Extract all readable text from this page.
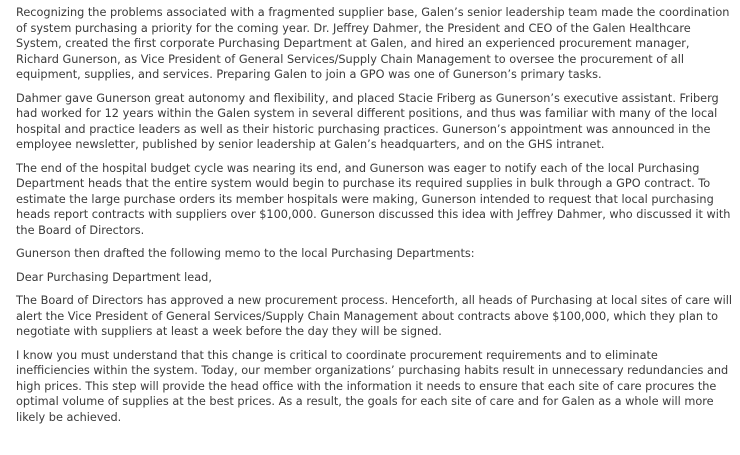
Recognizing the problems associated with a fragmented supplier base, Galen’s senior leadership team made the coordination of system purchasing a priority for the coming year. Dr. Jeffrey Dahmer, the President and CEO of the Galen Healthcare System, created the first corporate Purchasing Department at Galen, and hired an experienced procurement manager, Richard Gunerson, as Vice President of General Services/Supply Chain Management to oversee the procurement of all equipment, supplies, and services. Preparing Galen to join a GPO was one of Gunerson’s primary tasks.

Dahmer gave Gunerson great autonomy and flexibility, and placed Stacie Friberg as Gunerson’s executive assistant. Friberg had worked for 12 years within the Galen system in several different positions, and thus was familiar with many of the local hospital and practice leaders as well as their historic purchasing practices. Gunerson’s appointment was announced in the employee newsletter, published by senior leadership at Galen’s headquarters, and on the GHS intranet.

The end of the hospital budget cycle was nearing its end, and Gunerson was eager to notify each of the local Purchasing Department heads that the entire system would begin to purchase its required supplies in bulk through a GPO contract. To estimate the large purchase orders its member hospitals were making, Gunerson intended to request that local purchasing heads report contracts with suppliers over $100,000. Gunerson discussed this idea with Jeffrey Dahmer, who discussed it with the Board of Directors.

Gunerson then drafted the following memo to the local Purchasing Departments:

Dear Purchasing Department lead,

The Board of Directors has approved a new procurement process. Henceforth, all heads of Purchasing at local sites of care will alert the Vice President of General Services/Supply Chain Management about contracts above $100,000, which they plan to negotiate with suppliers at least a week before the day they will be signed.

I know you must understand that this change is critical to coordinate procurement requirements and to eliminate inefficiencies within the system. Today, our member organizations’ purchasing habits result in unnecessary redundancies and high prices. This step will provide the head office with the information it needs to ensure that each site of care procures the optimal volume of supplies at the best prices. As a result, the goals for each site of care and for Galen as a whole will more likely be achieved.
